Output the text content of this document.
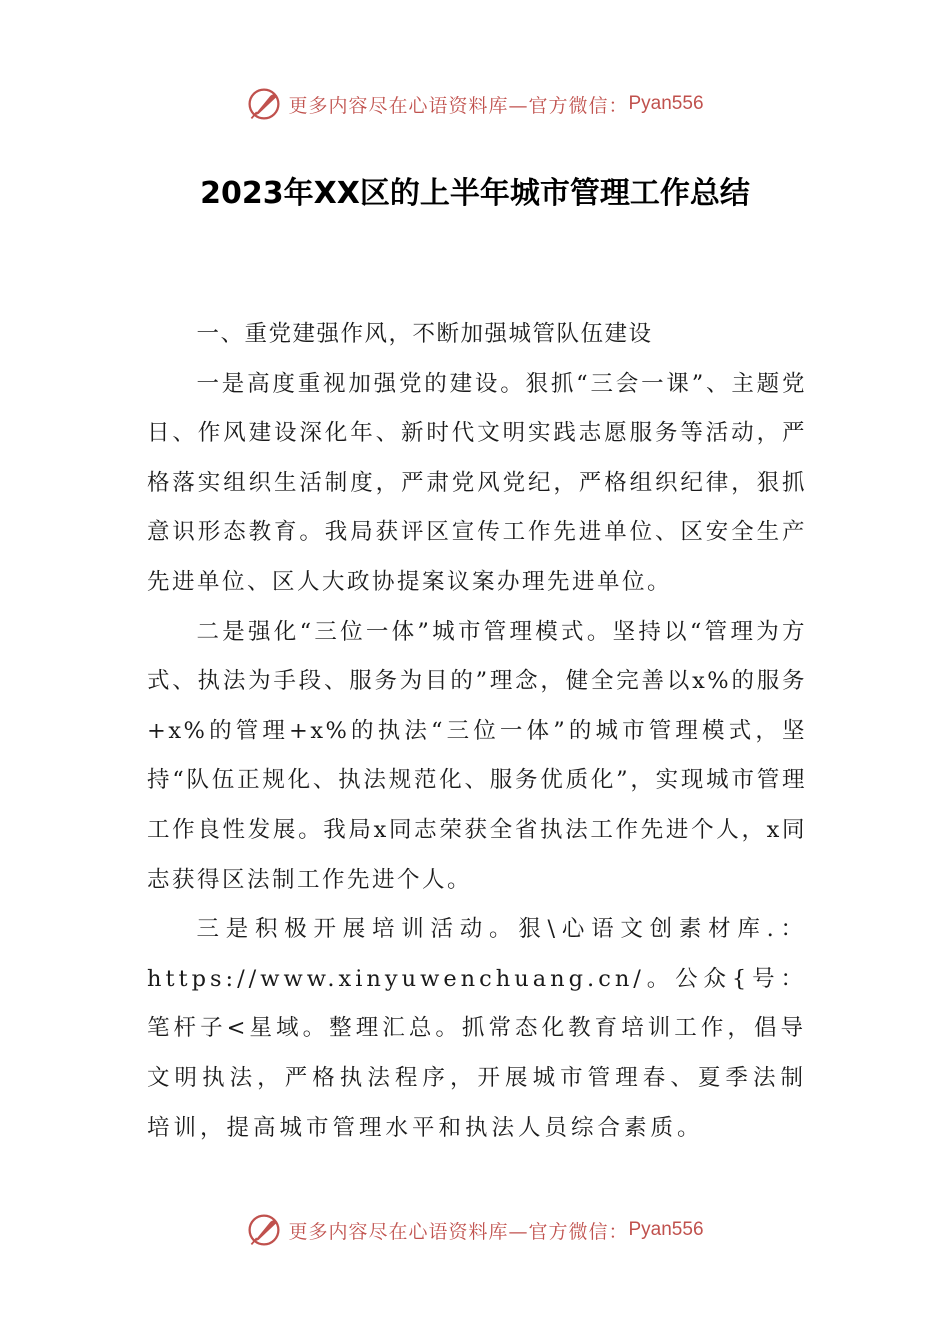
更多内容尽在心语资料库—官方微信： Pyan556
2023年XX区的上半年城市管理工作总结

一、重党建强作风，不断加强城管队伍建设

一是高度重视加强党的建设。狠抓“三会一课”、主题党日、作风建设深化年、新时代文明实践志愿服务等活动，严格落实组织生活制度，严肃党风党纪，严格组织纪律，狠抓意识形态教育。我局获评区宣传工作先进单位、区安全生产先进单位、区人大政协提案议案办理先进单位。

二是强化“三位一体”城市管理模式。坚持以“管理为方式、执法为手段、服务为目的”理念，健全完善以x%的服务+x%的管理+x%的执法“三位一体”的城市管理模式，坚持“队伍正规化、执法规范化、服务优质化”，实现城市管理工作良性发展。我局x同志荣获全省执法工作先进个人，x同志获得区法制工作先进个人。

三是积极开展培训活动。狠\心语文创素材库.：https://www.xinyuwenchuang.cn/。公众{号：笔杆子<星域。整理汇总。抓常态化教育培训工作，倡导文明执法，严格执法程序，开展城市管理春、夏季法制培训，提高城市管理水平和执法人员综合素质。

更多内容尽在心语资料库—官方微信： Pyan556
